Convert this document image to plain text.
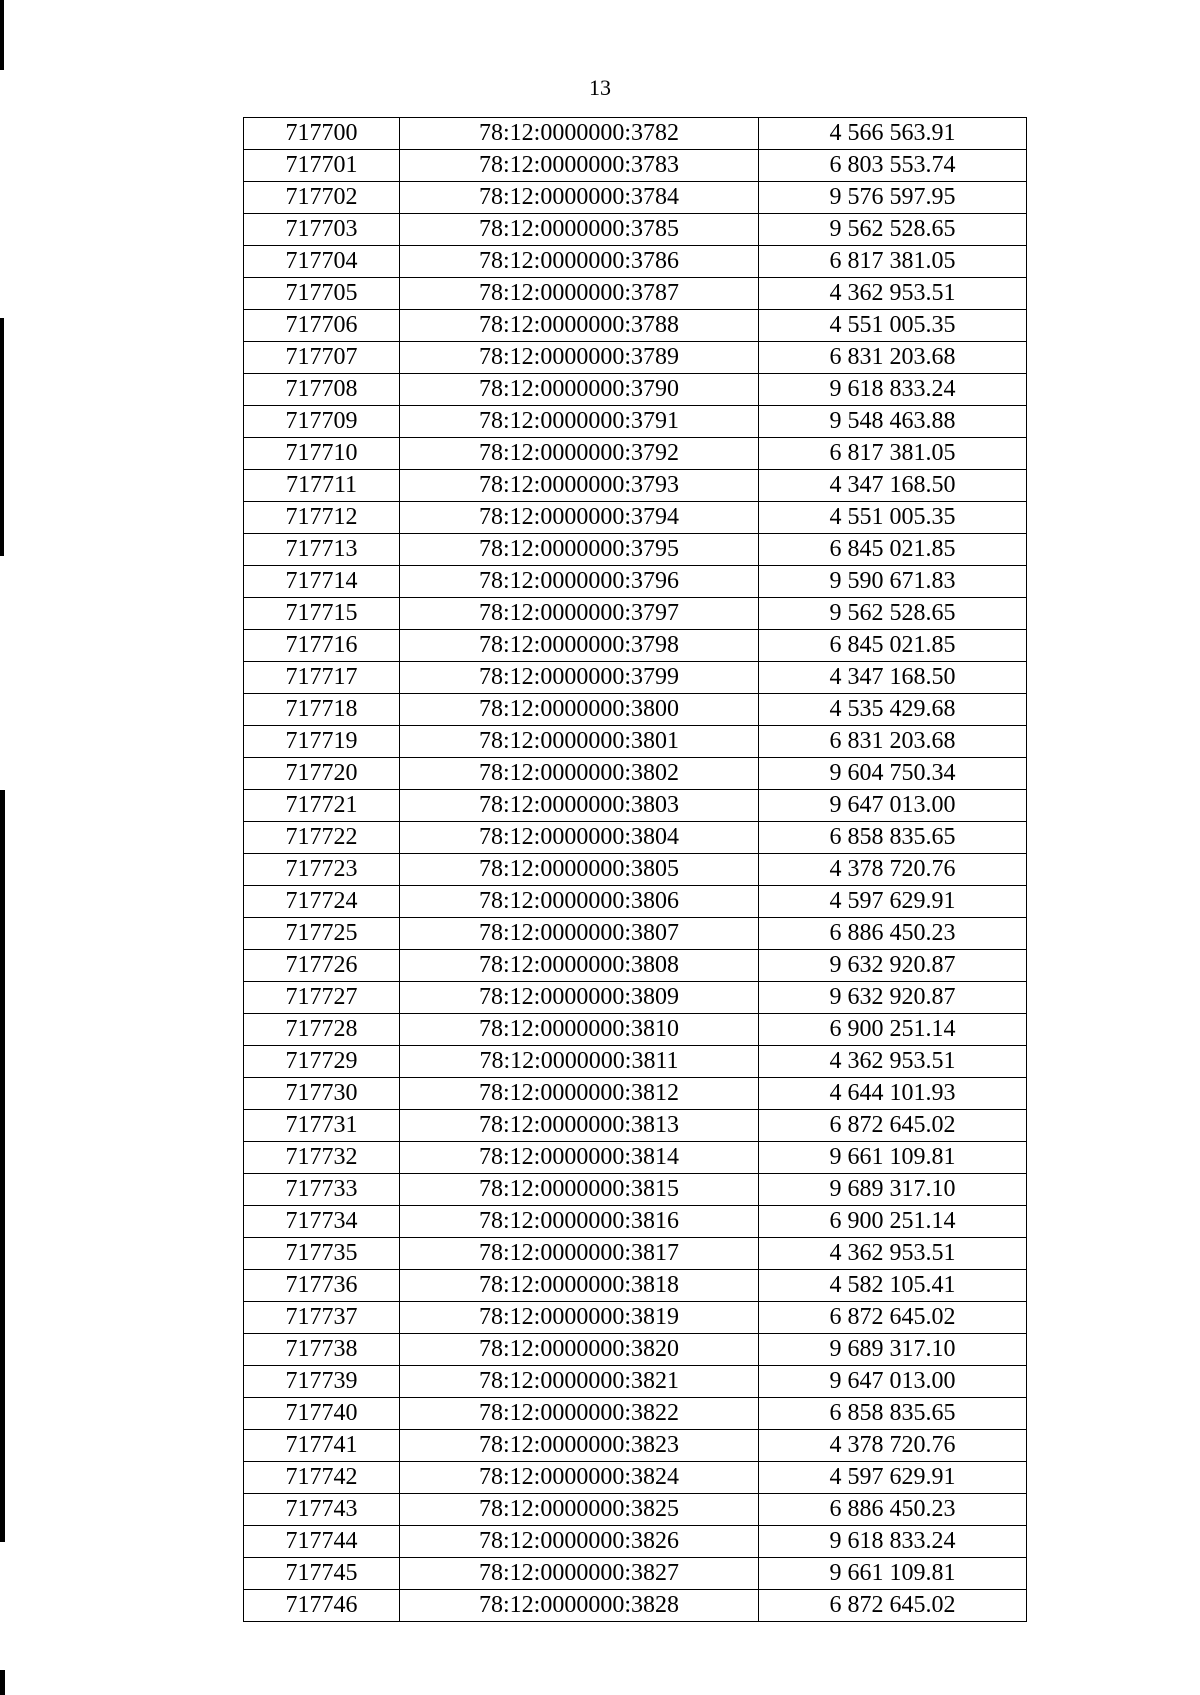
13
717700	78:12:0000000:3782	4 566 563.91
717701	78:12:0000000:3783	6 803 553.74
717702	78:12:0000000:3784	9 576 597.95
717703	78:12:0000000:3785	9 562 528.65
717704	78:12:0000000:3786	6 817 381.05
717705	78:12:0000000:3787	4 362 953.51
717706	78:12:0000000:3788	4 551 005.35
717707	78:12:0000000:3789	6 831 203.68
717708	78:12:0000000:3790	9 618 833.24
717709	78:12:0000000:3791	9 548 463.88
717710	78:12:0000000:3792	6 817 381.05
717711	78:12:0000000:3793	4 347 168.50
717712	78:12:0000000:3794	4 551 005.35
717713	78:12:0000000:3795	6 845 021.85
717714	78:12:0000000:3796	9 590 671.83
717715	78:12:0000000:3797	9 562 528.65
717716	78:12:0000000:3798	6 845 021.85
717717	78:12:0000000:3799	4 347 168.50
717718	78:12:0000000:3800	4 535 429.68
717719	78:12:0000000:3801	6 831 203.68
717720	78:12:0000000:3802	9 604 750.34
717721	78:12:0000000:3803	9 647 013.00
717722	78:12:0000000:3804	6 858 835.65
717723	78:12:0000000:3805	4 378 720.76
717724	78:12:0000000:3806	4 597 629.91
717725	78:12:0000000:3807	6 886 450.23
717726	78:12:0000000:3808	9 632 920.87
717727	78:12:0000000:3809	9 632 920.87
717728	78:12:0000000:3810	6 900 251.14
717729	78:12:0000000:3811	4 362 953.51
717730	78:12:0000000:3812	4 644 101.93
717731	78:12:0000000:3813	6 872 645.02
717732	78:12:0000000:3814	9 661 109.81
717733	78:12:0000000:3815	9 689 317.10
717734	78:12:0000000:3816	6 900 251.14
717735	78:12:0000000:3817	4 362 953.51
717736	78:12:0000000:3818	4 582 105.41
717737	78:12:0000000:3819	6 872 645.02
717738	78:12:0000000:3820	9 689 317.10
717739	78:12:0000000:3821	9 647 013.00
717740	78:12:0000000:3822	6 858 835.65
717741	78:12:0000000:3823	4 378 720.76
717742	78:12:0000000:3824	4 597 629.91
717743	78:12:0000000:3825	6 886 450.23
717744	78:12:0000000:3826	9 618 833.24
717745	78:12:0000000:3827	9 661 109.81
717746	78:12:0000000:3828	6 872 645.02
